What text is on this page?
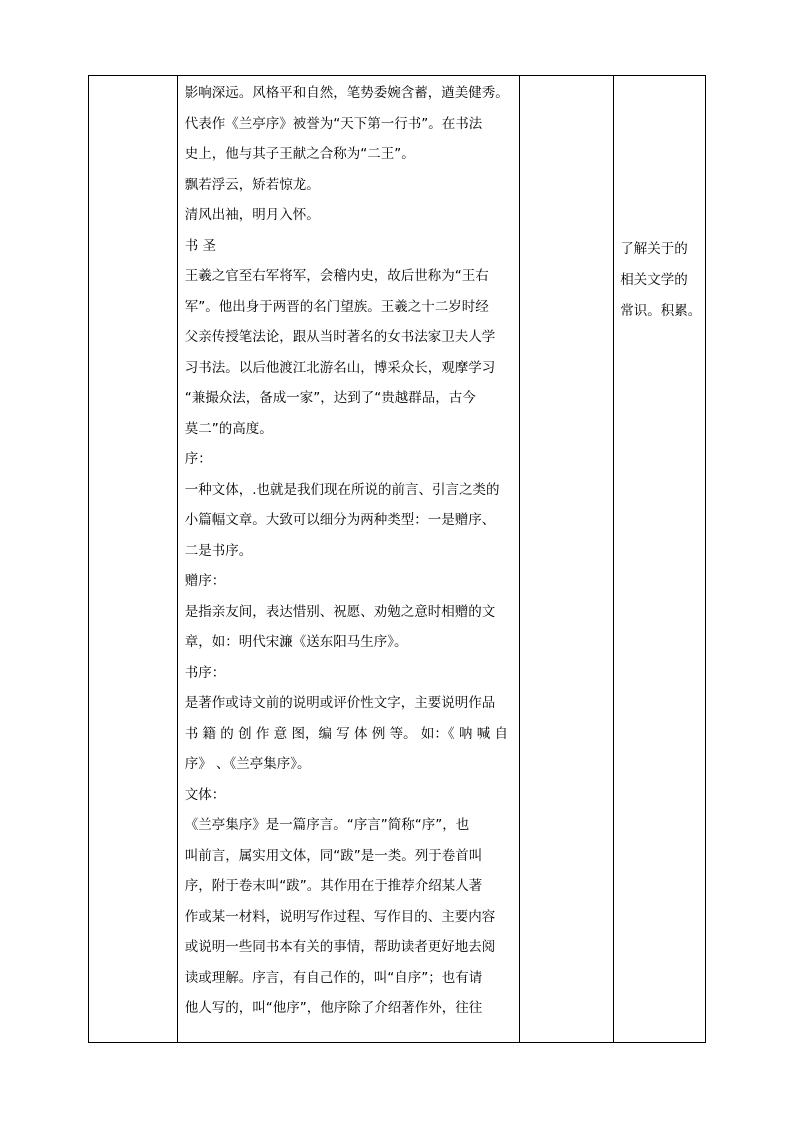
影响深远。风格平和自然，笔势委婉含蓄，遒美健秀。
代表作《兰亭序》被誉为“天下第一行书”。在书法
史上，他与其子王献之合称为“二王”。
飘若浮云，矫若惊龙。
清风出袖，明月入怀。
书 圣
王羲之官至右军将军，会稽内史，故后世称为“王右
军”。他出身于两晋的名门望族。王羲之十二岁时经
父亲传授笔法论，跟从当时著名的女书法家卫夫人学
习书法。以后他渡江北游名山，博采众长，观摩学习
“兼撮众法，备成一家”，达到了“贵越群品，古今
莫二”的高度。
序：
一种文体，.也就是我们现在所说的前言、引言之类的
小篇幅文章。大致可以细分为两种类型：一是赠序、
二是书序。
赠序：
是指亲友间，表达惜别、祝愿、劝勉之意时相赠的文
章，如：明代宋濂《送东阳马生序》。
书序：
是著作或诗文前的说明或评价性文字，主要说明作品
书 籍 的 创 作 意 图，编 写 体 例 等。 如：《 呐 喊 自
序》 、《兰亭集序》。
文体：
《兰亭集序》是一篇序言。“序言”简称“序”，也
叫前言，属实用文体，同“跋”是一类。列于卷首叫
序，附于卷末叫“跋”。其作用在于推荐介绍某人著
作或某一材料，说明写作过程、写作目的、主要内容
或说明一些同书本有关的事情，帮助读者更好地去阅
读或理解。序言，有自己作的，叫“自序”；也有请
他人写的，叫“他序”，他序除了介绍著作外，往往
了解关于的
相关文学的
常识。积累。
